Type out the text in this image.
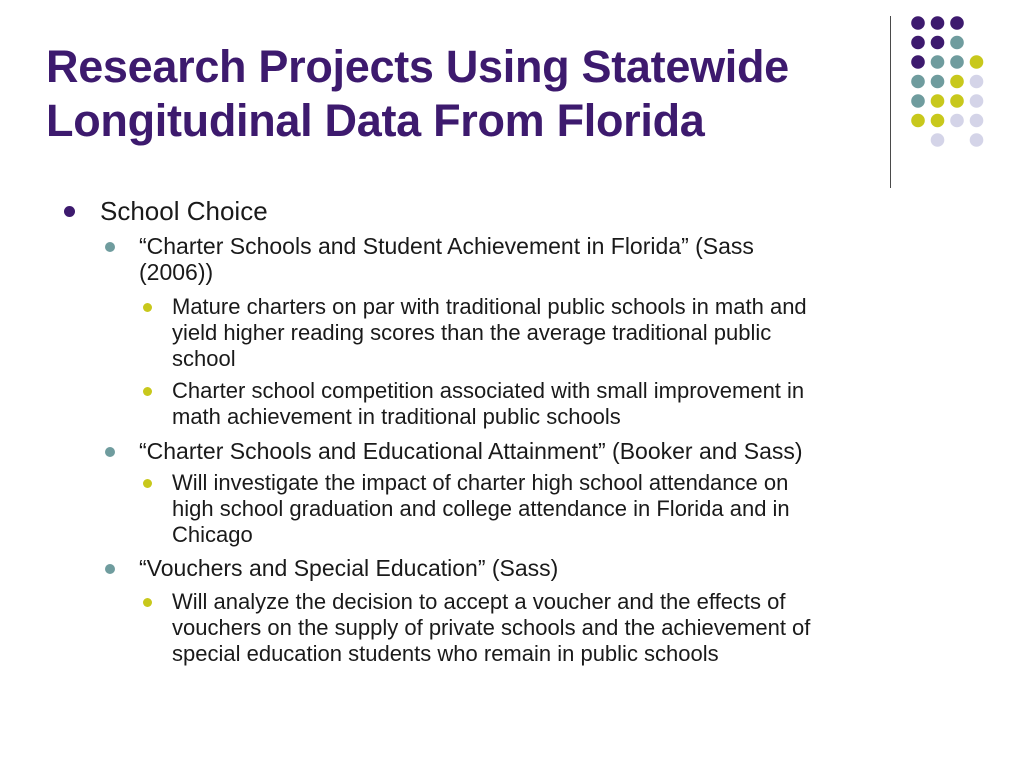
Research Projects Using Statewide
Longitudinal Data From Florida
School Choice
“Charter Schools and Student Achievement in Florida” (Sass
(2006))
Mature charters on par with traditional public schools in math and
yield higher reading scores than the average traditional public
school
Charter school competition associated with small improvement in
math achievement in traditional public schools
“Charter Schools and Educational Attainment” (Booker and Sass)
Will investigate the impact of charter high school attendance on
high school graduation and college attendance in Florida and in
Chicago
“Vouchers and Special Education” (Sass)
Will analyze the decision to accept a voucher and the effects of
vouchers on the supply of private schools and the achievement of
special education students who remain in public schools
